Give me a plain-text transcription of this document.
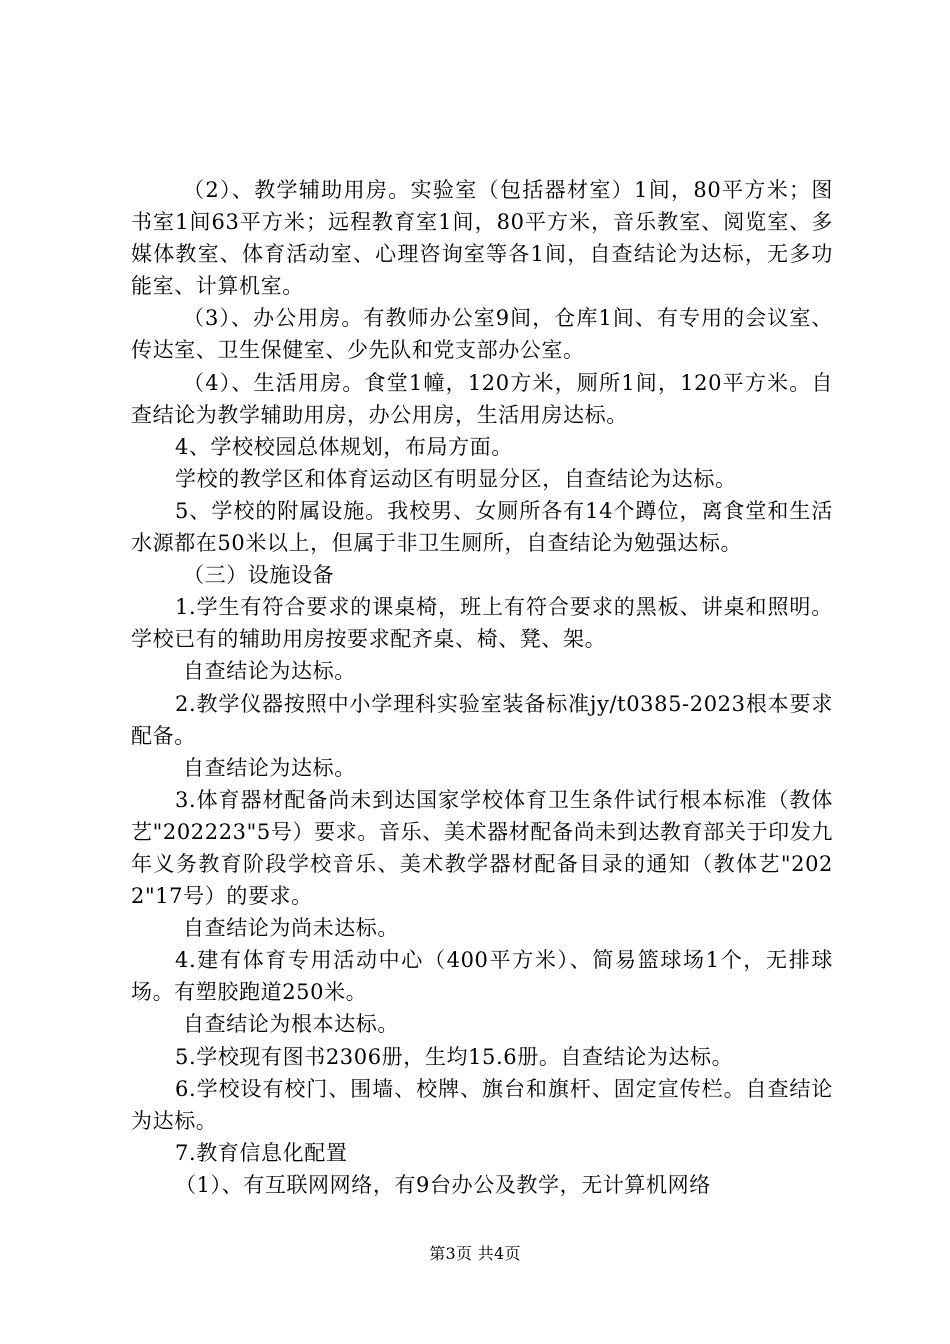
（2）、教学辅助用房。实验室（包括器材室）1间，80平方米；图书室1间63平方米；远程教育室1间，80平方米，音乐教室、阅览室、多媒体教室、体育活动室、心理咨询室等各1间，自查结论为达标，无多功能室、计算机室。

（3）、办公用房。有教师办公室9间，仓库1间、有专用的会议室、传达室、卫生保健室、少先队和党支部办公室。

（4）、生活用房。食堂1幢，120方米，厕所1间，120平方米。自查结论为教学辅助用房，办公用房，生活用房达标。

4、学校校园总体规划，布局方面。

学校的教学区和体育运动区有明显分区，自查结论为达标。

5、学校的附属设施。我校男、女厕所各有14个蹲位，离食堂和生活水源都在50米以上，但属于非卫生厕所，自查结论为勉强达标。

（三）设施设备

1.学生有符合要求的课桌椅，班上有符合要求的黑板、讲桌和照明。学校已有的辅助用房按要求配齐桌、椅、凳、架。

自查结论为达标。

2.教学仪器按照中小学理科实验室装备标准jy/t0385-2023根本要求配备。

自查结论为达标。

3.体育器材配备尚未到达国家学校体育卫生条件试行根本标准（教体艺"202223"5号）要求。音乐、美术器材配备尚未到达教育部关于印发九年义务教育阶段学校音乐、美术教学器材配备目录的通知（教体艺"2022"17号）的要求。

自查结论为尚未达标。

4.建有体育专用活动中心（400平方米）、简易篮球场1个，无排球场。有塑胶跑道250米。

自查结论为根本达标。

5.学校现有图书2306册，生均15.6册。自查结论为达标。

6.学校设有校门、围墙、校牌、旗台和旗杆、固定宣传栏。自查结论为达标。

7.教育信息化配置

（1）、有互联网网络，有9台办公及教学，无计算机网络

第3页 共4页
